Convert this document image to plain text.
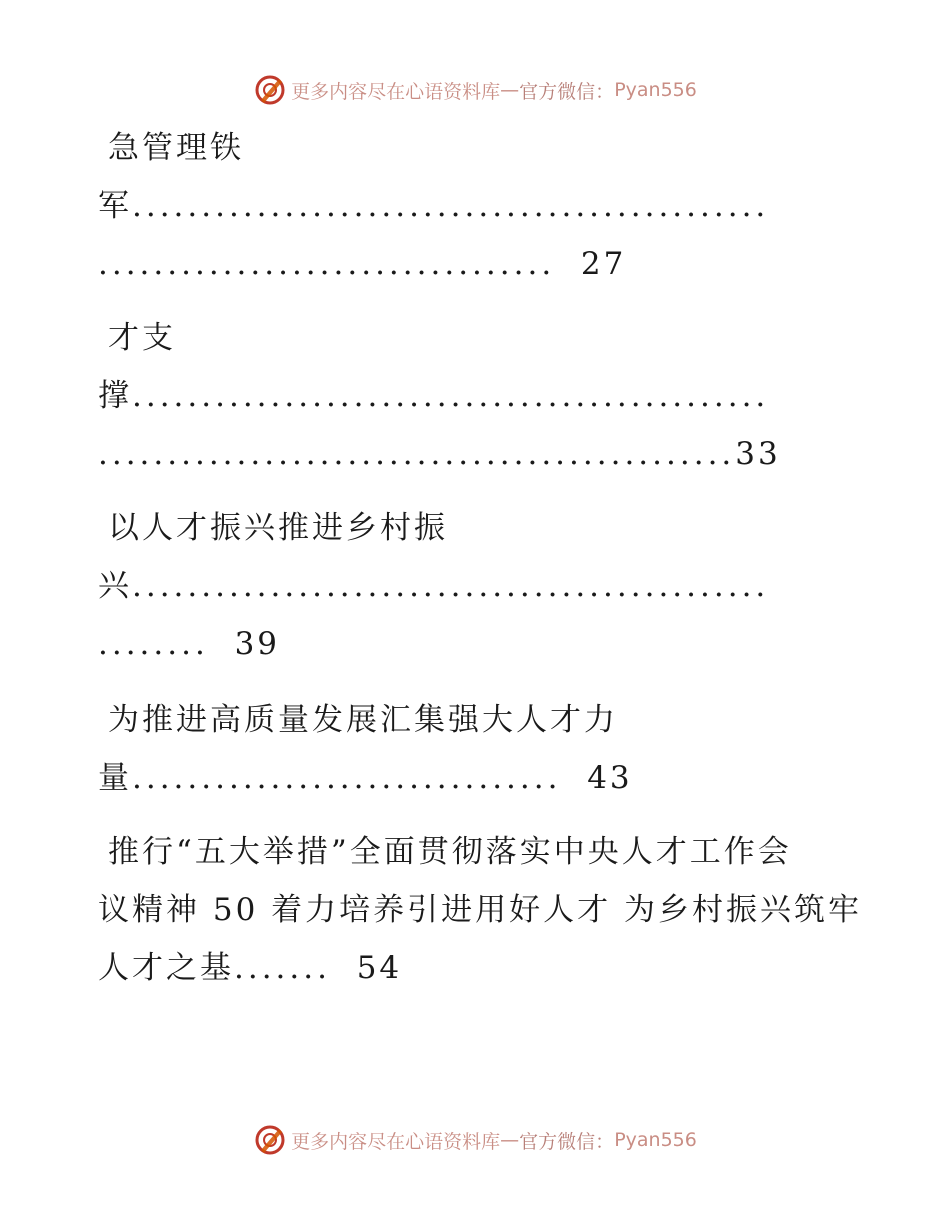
更多内容尽在心语资料库 — 官方微信： Pyan556
急管理铁
军..............................................
................................. 27
才支
撑..............................................
..............................................33
以人才振兴推进乡村振
兴..............................................
........ 39
为推进高质量发展汇集强大人才力
量............................... 43
推行“五大举措”全面贯彻落实中央人才工作会
议精神 50 着力培养引进用好人才 为乡村振兴筑牢
人才之基....... 54
更多内容尽在心语资料库 — 官方微信： Pyan556
